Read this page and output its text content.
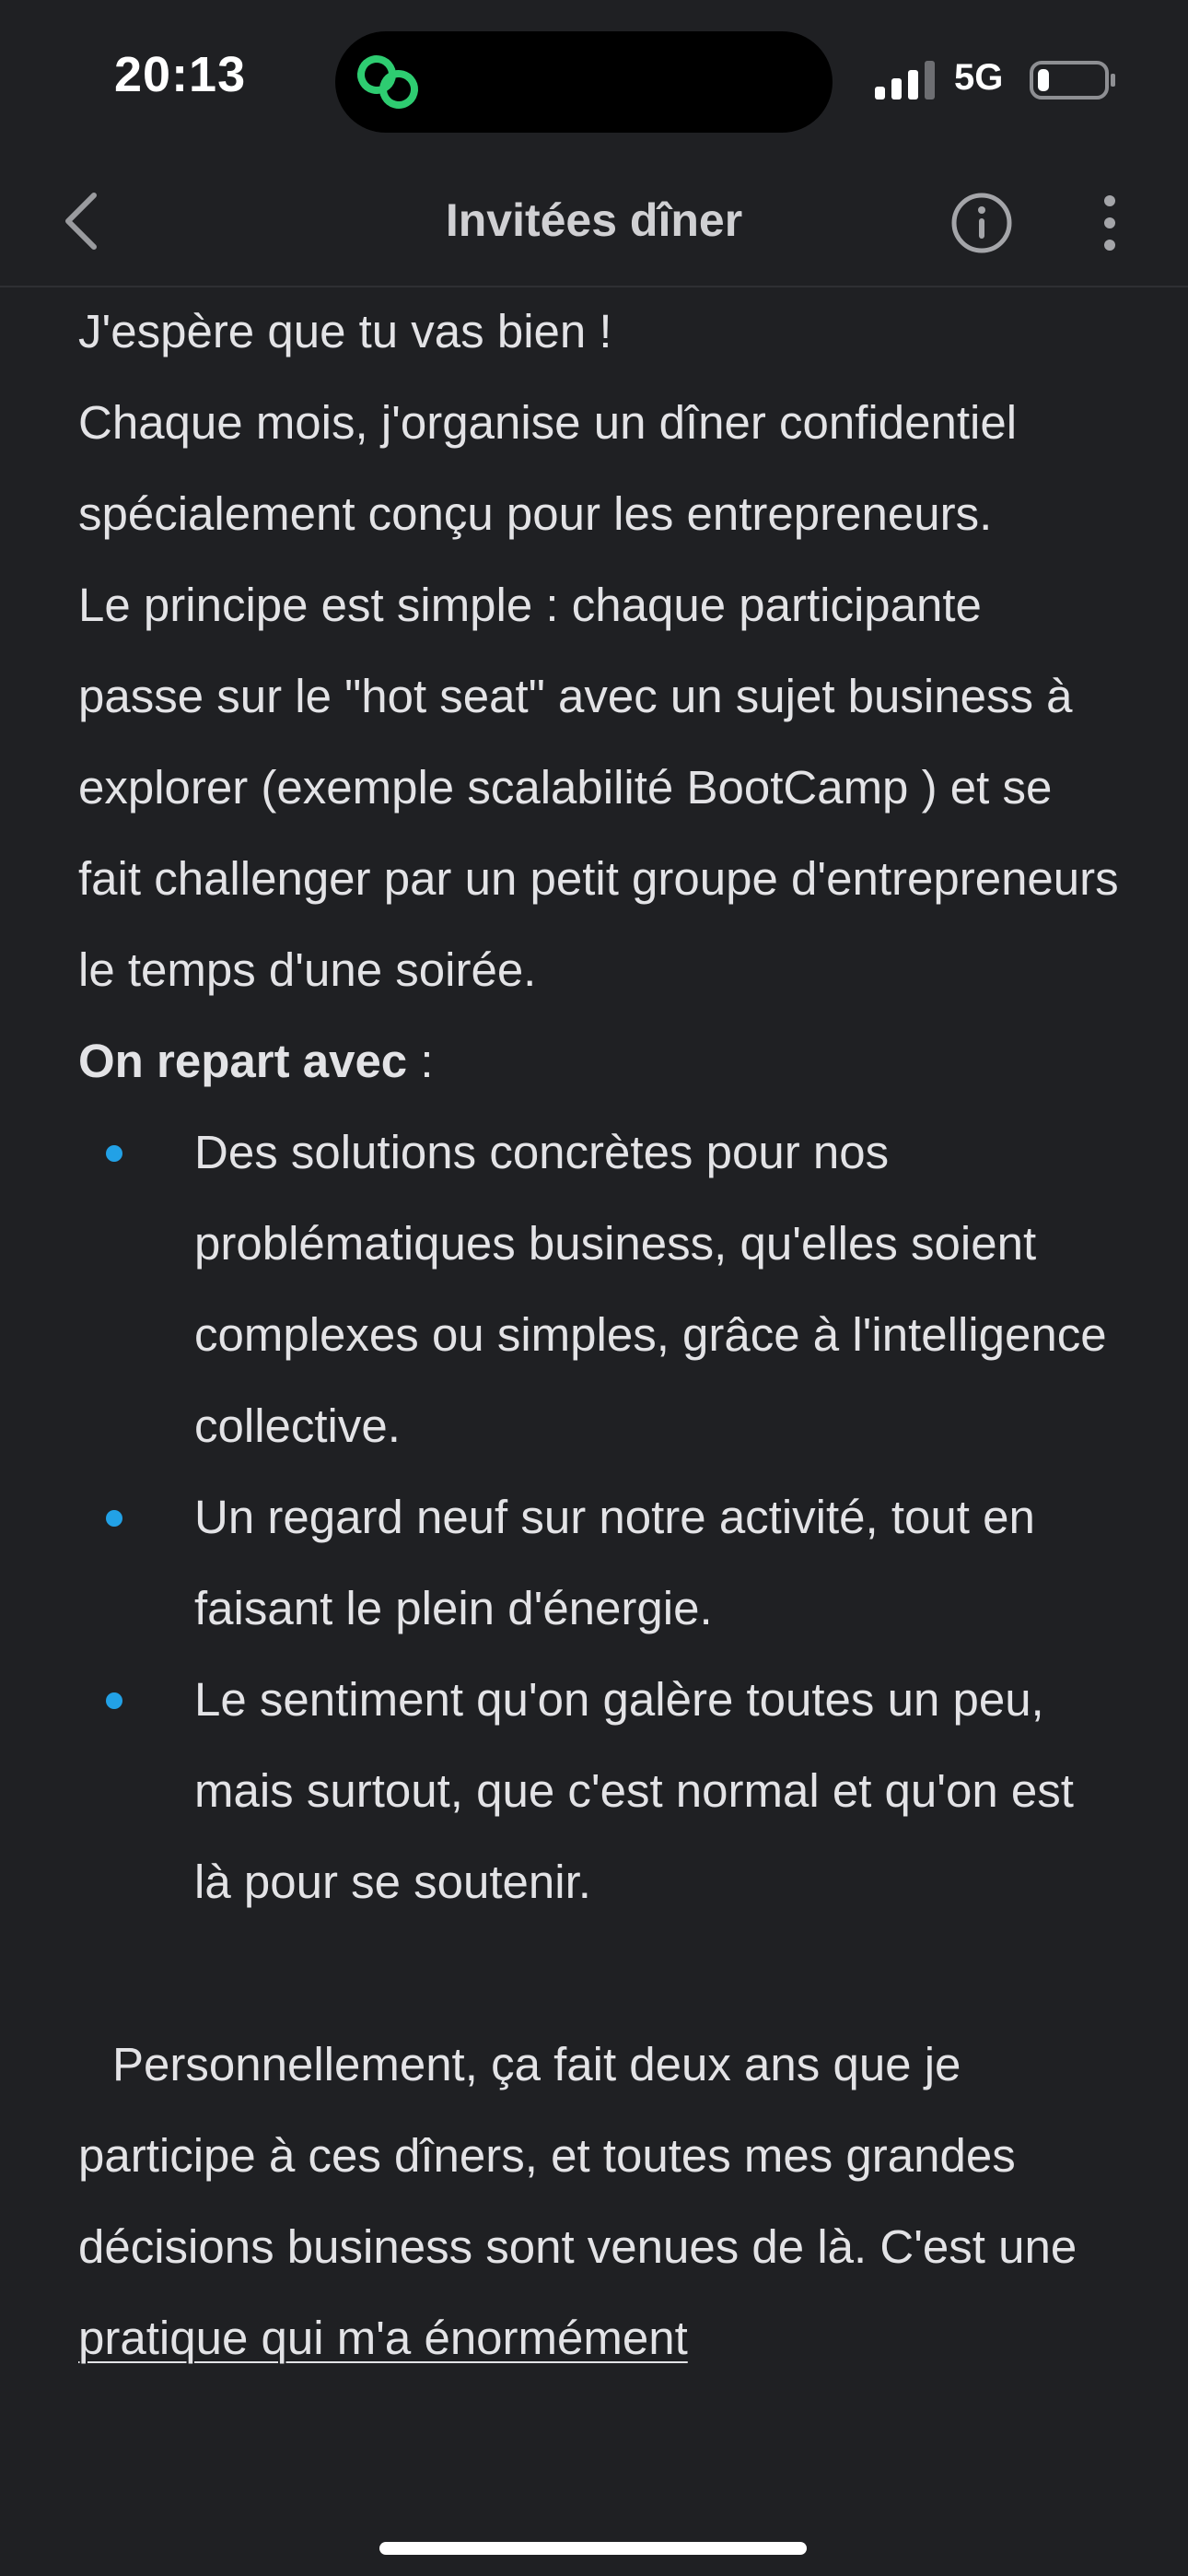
20:13	5G
Invitées dîner

J'espère que tu vas bien !

Chaque mois, j'organise un dîner confidentiel spécialement conçu pour les entrepreneurs.

Le principe est simple : chaque participante passe sur le "hot seat" avec un sujet business à explorer (exemple scalabilité BootCamp ) et se fait challenger par un petit groupe d'entrepreneurs le temps d'une soirée.

On repart avec :

Des solutions concrètes pour nos problématiques business, qu'elles soient complexes ou simples, grâce à l'intelligence collective.
Un regard neuf sur notre activité, tout en faisant le plein d'énergie.
Le sentiment qu'on galère toutes un peu, mais surtout, que c'est normal et qu'on est là pour se soutenir.

Personnellement, ça fait deux ans que je participe à ces dîners, et toutes mes grandes décisions business sont venues de là. C'est une pratique qui m'a énormément
